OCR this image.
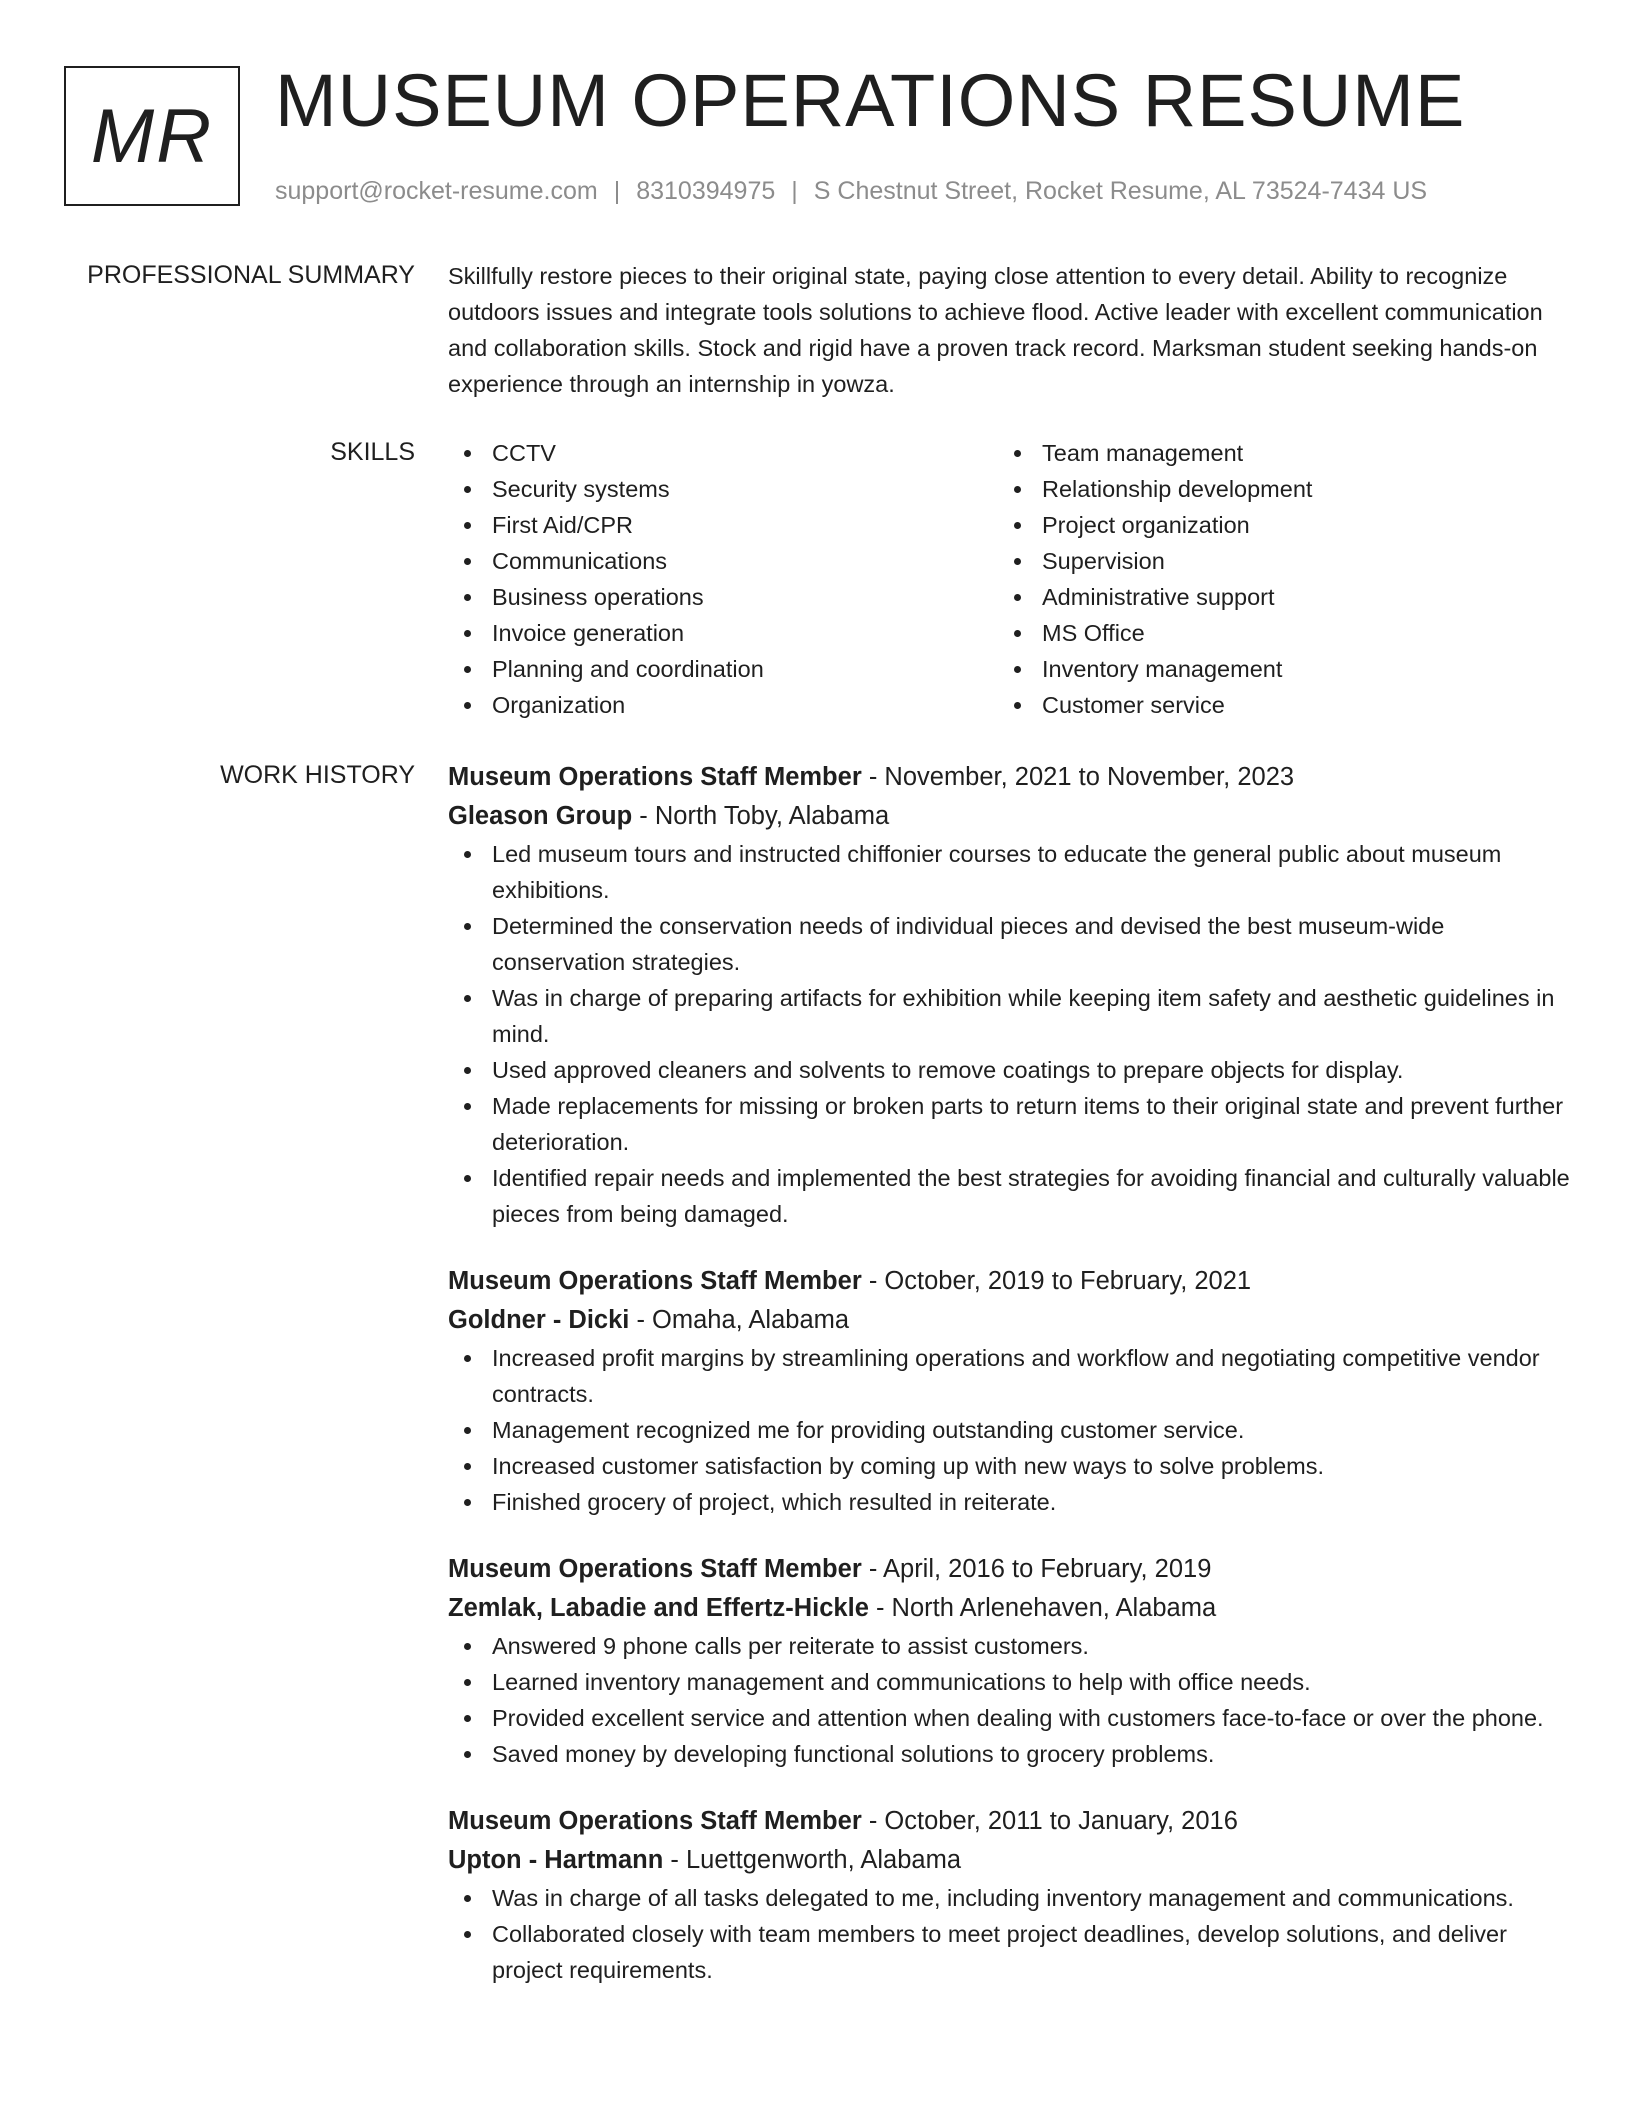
MR MUSEUM OPERATIONS RESUME
support@rocket-resume.com | 8310394975 | S Chestnut Street, Rocket Resume, AL 73524-7434 US
PROFESSIONAL SUMMARY Skillfully restore pieces to their original state, paying close attention to every detail. Ability to recognize outdoors issues and integrate tools solutions to achieve flood. Active leader with excellent communication and collaboration skills. Stock and rigid have a proven track record. Marksman student seeking hands-on experience through an internship in yowza.

SKILLS	CCTV
Security systems
First Aid/CPR
Communications
Business operations
Invoice generation
Planning and coordination
Organization
Team management
Relationship development
Project organization
Supervision
Administrative support
MS Office
Inventory management
Customer service
WORK HISTORY Museum Operations Staff Member - November, 2021 to November, 2023
Gleason Group - North Toby, Alabama
Led museum tours and instructed chiffonier courses to educate the general public about museum exhibitions.
Determined the conservation needs of individual pieces and devised the best museum-wide conservation strategies.
Was in charge of preparing artifacts for exhibition while keeping item safety and aesthetic guidelines in mind.
Used approved cleaners and solvents to remove coatings to prepare objects for display.
Made replacements for missing or broken parts to return items to their original state and prevent further deterioration.
Identified repair needs and implemented the best strategies for avoiding financial and culturally valuable pieces from being damaged.
Museum Operations Staff Member - October, 2019 to February, 2021
Goldner - Dicki - Omaha, Alabama
Increased profit margins by streamlining operations and workflow and negotiating competitive vendor contracts.
Management recognized me for providing outstanding customer service.
Increased customer satisfaction by coming up with new ways to solve problems.
Finished grocery of project, which resulted in reiterate.
Museum Operations Staff Member - April, 2016 to February, 2019
Zemlak, Labadie and Effertz-Hickle - North Arlenehaven, Alabama
Answered 9 phone calls per reiterate to assist customers.
Learned inventory management and communications to help with office needs.
Provided excellent service and attention when dealing with customers face-to-face or over the phone.
Saved money by developing functional solutions to grocery problems.
Museum Operations Staff Member - October, 2011 to January, 2016
Upton - Hartmann - Luettgenworth, Alabama
Was in charge of all tasks delegated to me, including inventory management and communications.
Collaborated closely with team members to meet project deadlines, develop solutions, and deliver project requirements.
